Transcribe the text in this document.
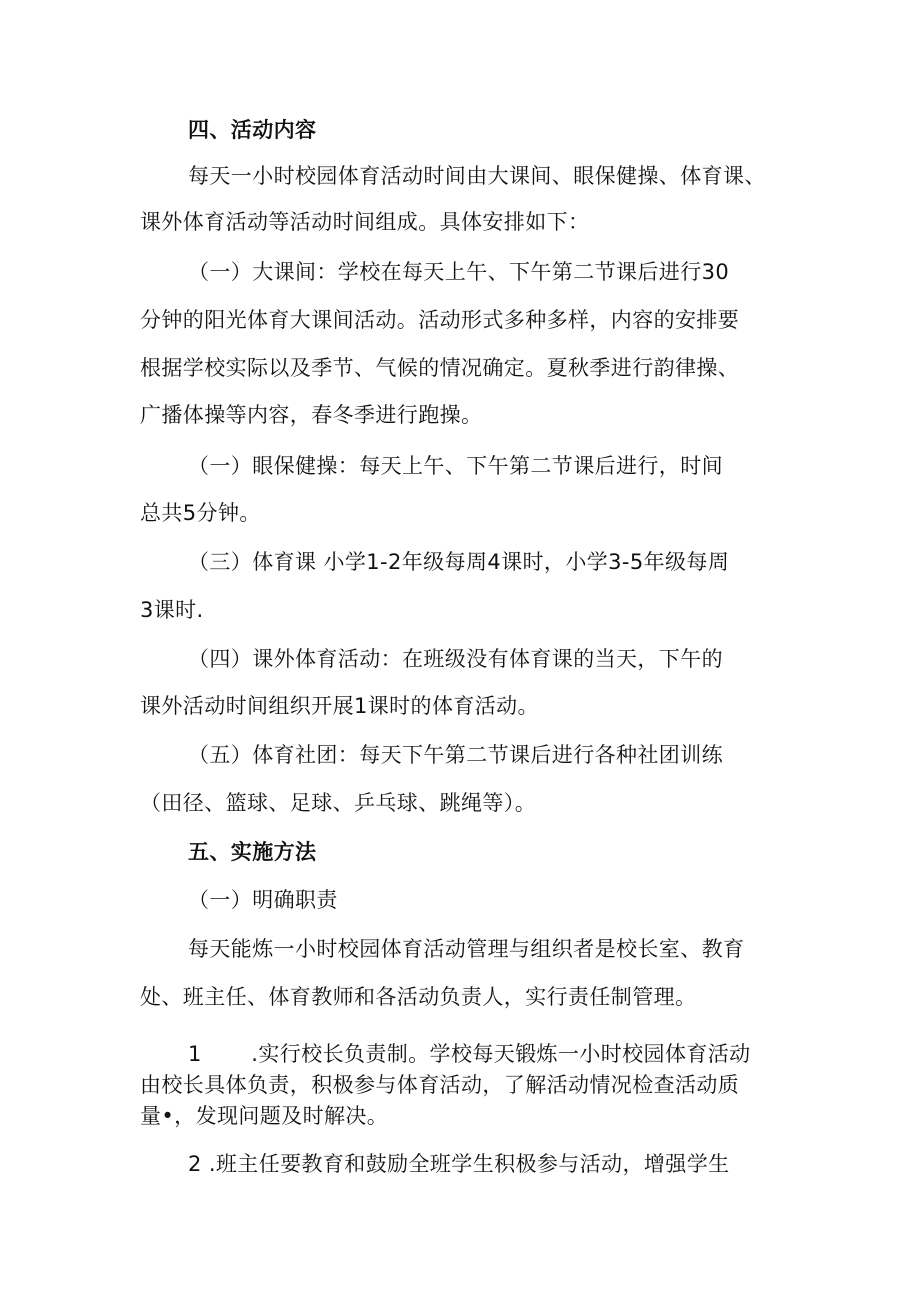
四、活动内容
每天一小时校园体育活动时间由大课间、眼保健操、体育课、
课外体育活动等活动时间组成。具体安排如下：
（一）大课间：学校在每天上午、下午第二节课后进行30
分钟的阳光体育大课间活动。活动形式多种多样，内容的安排要
根据学校实际以及季节、气候的情况确定。夏秋季进行韵律操、
广播体操等内容，春冬季进行跑操。
（一）眼保健操：每天上午、下午第二节课后进行，时间
总共5分钟。
（三）体育课 小学1-2年级每周4课时，小学3-5年级每周
3课时.
（四）课外体育活动：在班级没有体育课的当天，下午的
课外活动时间组织开展1课时的体育活动。
（五）体育社团：每天下午第二节课后进行各种社团训练
（田径、篮球、足球、乒乓球、跳绳等）。
五、实施方法
（一）明确职责
每天能炼一小时校园体育活动管理与组织者是校长室、教育
处、班主任、体育教师和各活动负责人，实行责任制管理。
1       .实行校长负责制。学校每天锻炼一小时校园体育活动
由校长具体负责，积极参与体育活动，了解活动情况检查活动质
量•，发现问题及时解决。
2 .班主任要教育和鼓励全班学生积极参与活动，增强学生
